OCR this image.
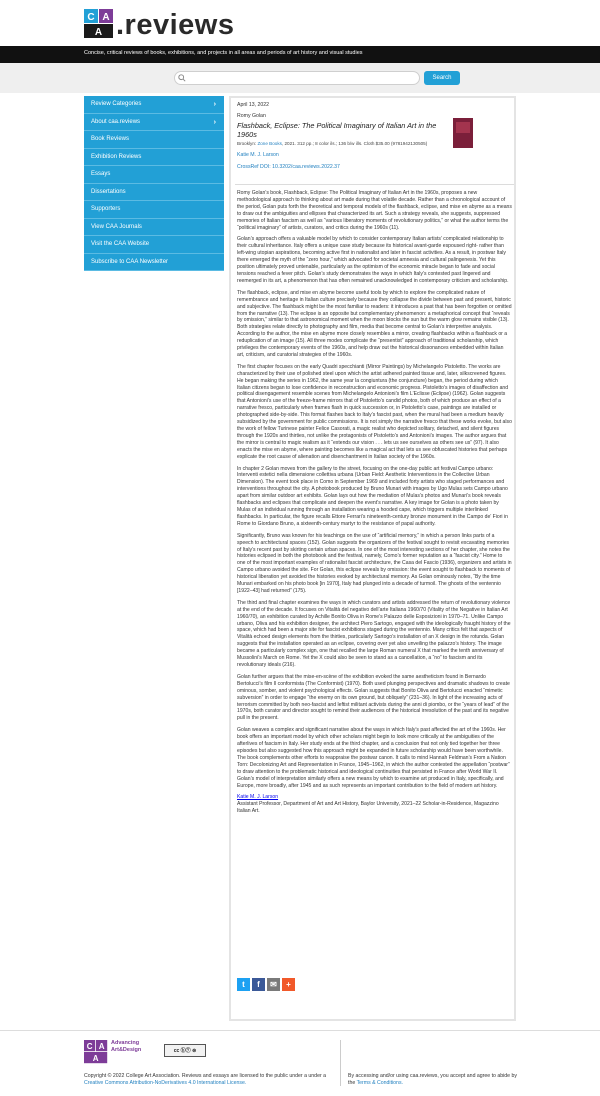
C A
A .reviews
Concise, critical reviews of books, exhibitions, and projects in all areas and periods of art history and visual studies
Search
Review Categories	›
About caa.reviews	›
Book Reviews
Exhibition Reviews
Essays
Dissertations
Supporters
View CAA Journals
Visit the CAA Website
Subscribe to CAA Newsletter
April 13, 2022
Romy Golan
Flashback, Eclipse: The Political Imaginary of Italian Art in the 1960s
Brooklyn: Zone Books, 2021. 312 pp.; 8 color ils.; 136 b/w ills. Cloth $35.00 (9781942130505)
Katie M. J. Larson
CrossRef DOI: 10.3202/caa.reviews.2022.37

Romy Golan’s book, Flashback, Eclipse: The Political Imaginary of Italian Art in the 1960s, proposes a new methodological approach to thinking about art made during that volatile decade. Rather than a chronological account of the period, Golan puts forth the theoretical and temporal models of the flashback, eclipse, and mise en abyme as a means to draw out the ambiguities and ellipses that characterized its art. Such a strategy reveals, she suggests, suppressed memories of Italian fascism as well as “various liberatory moments of revolutionary politics,” or what the author terms the “political imaginary” of artists, curators, and critics during the 1960s (11).

Golan’s approach offers a valuable model by which to consider contemporary Italian artists’ complicated relationship to their cultural inheritance. Italy offers a unique case study because its historical avant-garde espoused right- rather than left-wing utopian aspirations, becoming active first in nationalist and later in fascist activities. As a result, in postwar Italy there emerged the myth of the “zero hour,” which advocated for societal amnesia and cultural palingenesis. Yet this position ultimately proved untenable, particularly as the optimism of the economic miracle began to fade and social tensions reached a fever pitch. Golan’s study demonstrates the ways in which Italy’s contested past lingered and reemerged in its art, a phenomenon that has often remained unacknowledged in contemporary criticism and scholarship.

The flashback, eclipse, and mise en abyme become useful tools by which to explore the complicated nature of remembrance and heritage in Italian culture precisely because they collapse the divide between past and present, historic and subjective. The flashback might be the most familiar to readers: it introduces a past that has been forgotten or omitted from the narrative (13). The eclipse is an opposite but complementary phenomenon: a metaphorical concept that “reveals by omission,” similar to that astronomical moment when the moon blocks the sun but the warm glow remains visible (13). Both strategies relate directly to photography and film, media that become central to Golan’s interpretive analysis. According to the author, the mise en abyme more closely resembles a mirror, creating flashbacks within a flashback or a reduplication of an image (15). All three modes complicate the “presentist” approach of traditional scholarship, which privileges the contemporary events of the 1960s, and help draw out the historical dissonances embedded within Italian art, criticism, and curatorial strategies of the 1960s.

The first chapter focuses on the early Quadri specchianti (Mirror Paintings) by Michelangelo Pistoletto. The works are characterized by their use of polished steel upon which the artist adhered painted tissue and, later, silkscreened figures. He began making the series in 1962, the same year la congiuntura (the conjuncture) began, the period during which Italian citizens began to lose confidence in reconstruction and economic progress. Pistoletto’s images of disaffection and political disengagement resemble scenes from Michelangelo Antonioni’s film L’Eclisse (Eclipse) (1962). Golan suggests that Antonioni’s use of the freeze-frame mirrors that of Pistoletto’s candid photos, both of which produce an effect of a narrative fresco, particularly when frames flash in quick succession or, in Pistoletto’s case, paintings are installed or photographed side-by-side. This format flashes back to Italy’s fascist past, when the mural had been a medium heavily subsidized by the government for public commissions. It is not simply the narrative fresco that these works evoke, but also the work of fellow Turinese painter Felice Casorati, a magic realist who depicted solitary, detached, and silent figures through the 1920s and thirties, not unlike the protagonists of Pistoletto’s and Antonioni’s images. The author argues that the mirror is central to magic realism as it “extends our vision . . . lets us see ourselves as others see us” (97). It also enacts the mise en abyme, where painting becomes like a magical act that lets us see obfuscated histories that perhaps explicate the root cause of alienation and disenchantment in Italian society of the 1960s.

In chapter 2 Golan moves from the gallery to the street, focusing on the one-day public art festival Campo urbano: Interventi estetici nella dimensione collettiva urbana (Urban Field: Aesthetic Interventions in the Collective Urban Dimension). The event took place in Como in September 1969 and included forty artists who staged performances and interventions throughout the city. A photobook produced by Bruno Munari with images by Ugo Mulas sets Campo urbano apart from similar outdoor art exhibits. Golan lays out how the mediation of Mulas’s photos and Munari’s book reveals flashbacks and eclipses that complicate and deepen the event’s narrative. A key image for Golan is a photo taken by Mulas of an individual running through an installation wearing a hooded cape, which triggers multiple interlinked flashbacks. In particular, the figure recalls Ettore Ferrari’s nineteenth-century bronze monument in the Campo de’ Fiori in Rome to Giordano Bruno, a sixteenth-century martyr to the resistance of papal authority.

Significantly, Bruno was known for his teachings on the use of “artificial memory,” in which a person links parts of a speech to architectural spaces (152). Golan suggests the organizers of the festival sought to revisit excavating memories of Italy’s recent past by skirting certain urban spaces. In one of the most interesting sections of her chapter, she notes the histories eclipsed in both the photobook and the festival, namely, Como’s former reputation as a “fascist city.” Home to one of the most important examples of rationalist fascist architecture, the Casa del Fascio (1936), organizers and artists in Campo urbano avoided the site. For Golan, this eclipse reveals by omission: the event sought to flashback to moments of historical liberation yet avoided the histories evoked by architectural memory. As Golan ominously notes, “By the time Munari embarked on his photo book [in 1970], Italy had plunged into a decade of turmoil. The ghosts of the ventennio [1922–43] had returned” (175).

The third and final chapter examines the ways in which curators and artists addressed the return of revolutionary violence at the end of the decade. It focuses on Vitalità del negativo dell’arte Italiana 1960/70 (Vitality of the Negative in Italian Art 1960/70), an exhibition curated by Achille Bonito Oliva in Rome’s Palazzo delle Esposizioni in 1970–71. Unlike Campo urbano, Oliva and his exhibition designer, the architect Piero Sartogo, engaged with the ideologically fraught history of the space, which had been a major site for fascist exhibitions staged during the ventennio. Many critics felt that aspects of Vitalità echoed design elements from the thirties, particularly Sartogo’s installation of an X design in the rotunda. Golan suggests that the installation operated as an eclipse, covering over yet also unveiling the palazzo’s history. The image became a particularly complex sign, one that recalled the large Roman numeral X that marked the tenth anniversary of Mussolini’s March on Rome. Yet the X could also be seen to stand as a cancellation, a “no” to fascism and its revolutionary ideals (216).

Golan further argues that the mise-en-scène of the exhibition evoked the same aestheticism found in Bernardo Bertolucci’s film Il conformista (The Conformist) (1970). Both used plunging perspectives and dramatic shadows to create ominous, somber, and violent psychological effects. Golan suggests that Bonito Oliva and Bertolucci enacted “mimetic subversion” in order to engage “the enemy on its own ground, but obliquely” (231–36). In light of the increasing acts of terrorism committed by both neo-fascist and leftist militant activists during the anni di piombo, or the “years of lead” of the 1970s, both curator and director sought to remind their audiences of the historical irresolution of the past and its negative pull in the present.

Golan weaves a complex and significant narrative about the ways in which Italy’s past affected the art of the 1960s. Her book offers an important model by which other scholars might begin to look more critically at the ambiguities of the afterlives of fascism in Italy. Her study ends at the third chapter, and a conclusion that not only tied together her three episodes but also suggested how this approach might be expanded in future scholarship would have been worthwhile. The book complements other efforts to reappraise the postwar canon. It calls to mind Hannah Feldman’s From a Nation Torn: Decolonizing Art and Representation in France, 1945–1962, in which the author contested the appellation “postwar” to draw attention to the problematic historical and ideological continuities that persisted in France after World War II. Golan’s model of interpretation similarly offers a new means by which to examine art produced in Italy, specifically, and Europe, more broadly, after 1945 and as such represents an important contribution to the field of modern art history.

Katie M. J. Larson
Assistant Professor, Department of Art and Art History, Baylor University, 2021–22 Scholar-in-Residence, Magazzino Italian Art.
t	f	✉	+
C A
A
Advancing
Art&Design	cc ⓑⓨ ⊜
Copyright © 2022 College Art Association. Reviews and essays are licensed to the public under a under a Creative Commons Attribution-NoDerivatives 4.0 International License.
By accessing and/or using caa.reviews, you accept and agree to abide by the Terms & Conditions.
